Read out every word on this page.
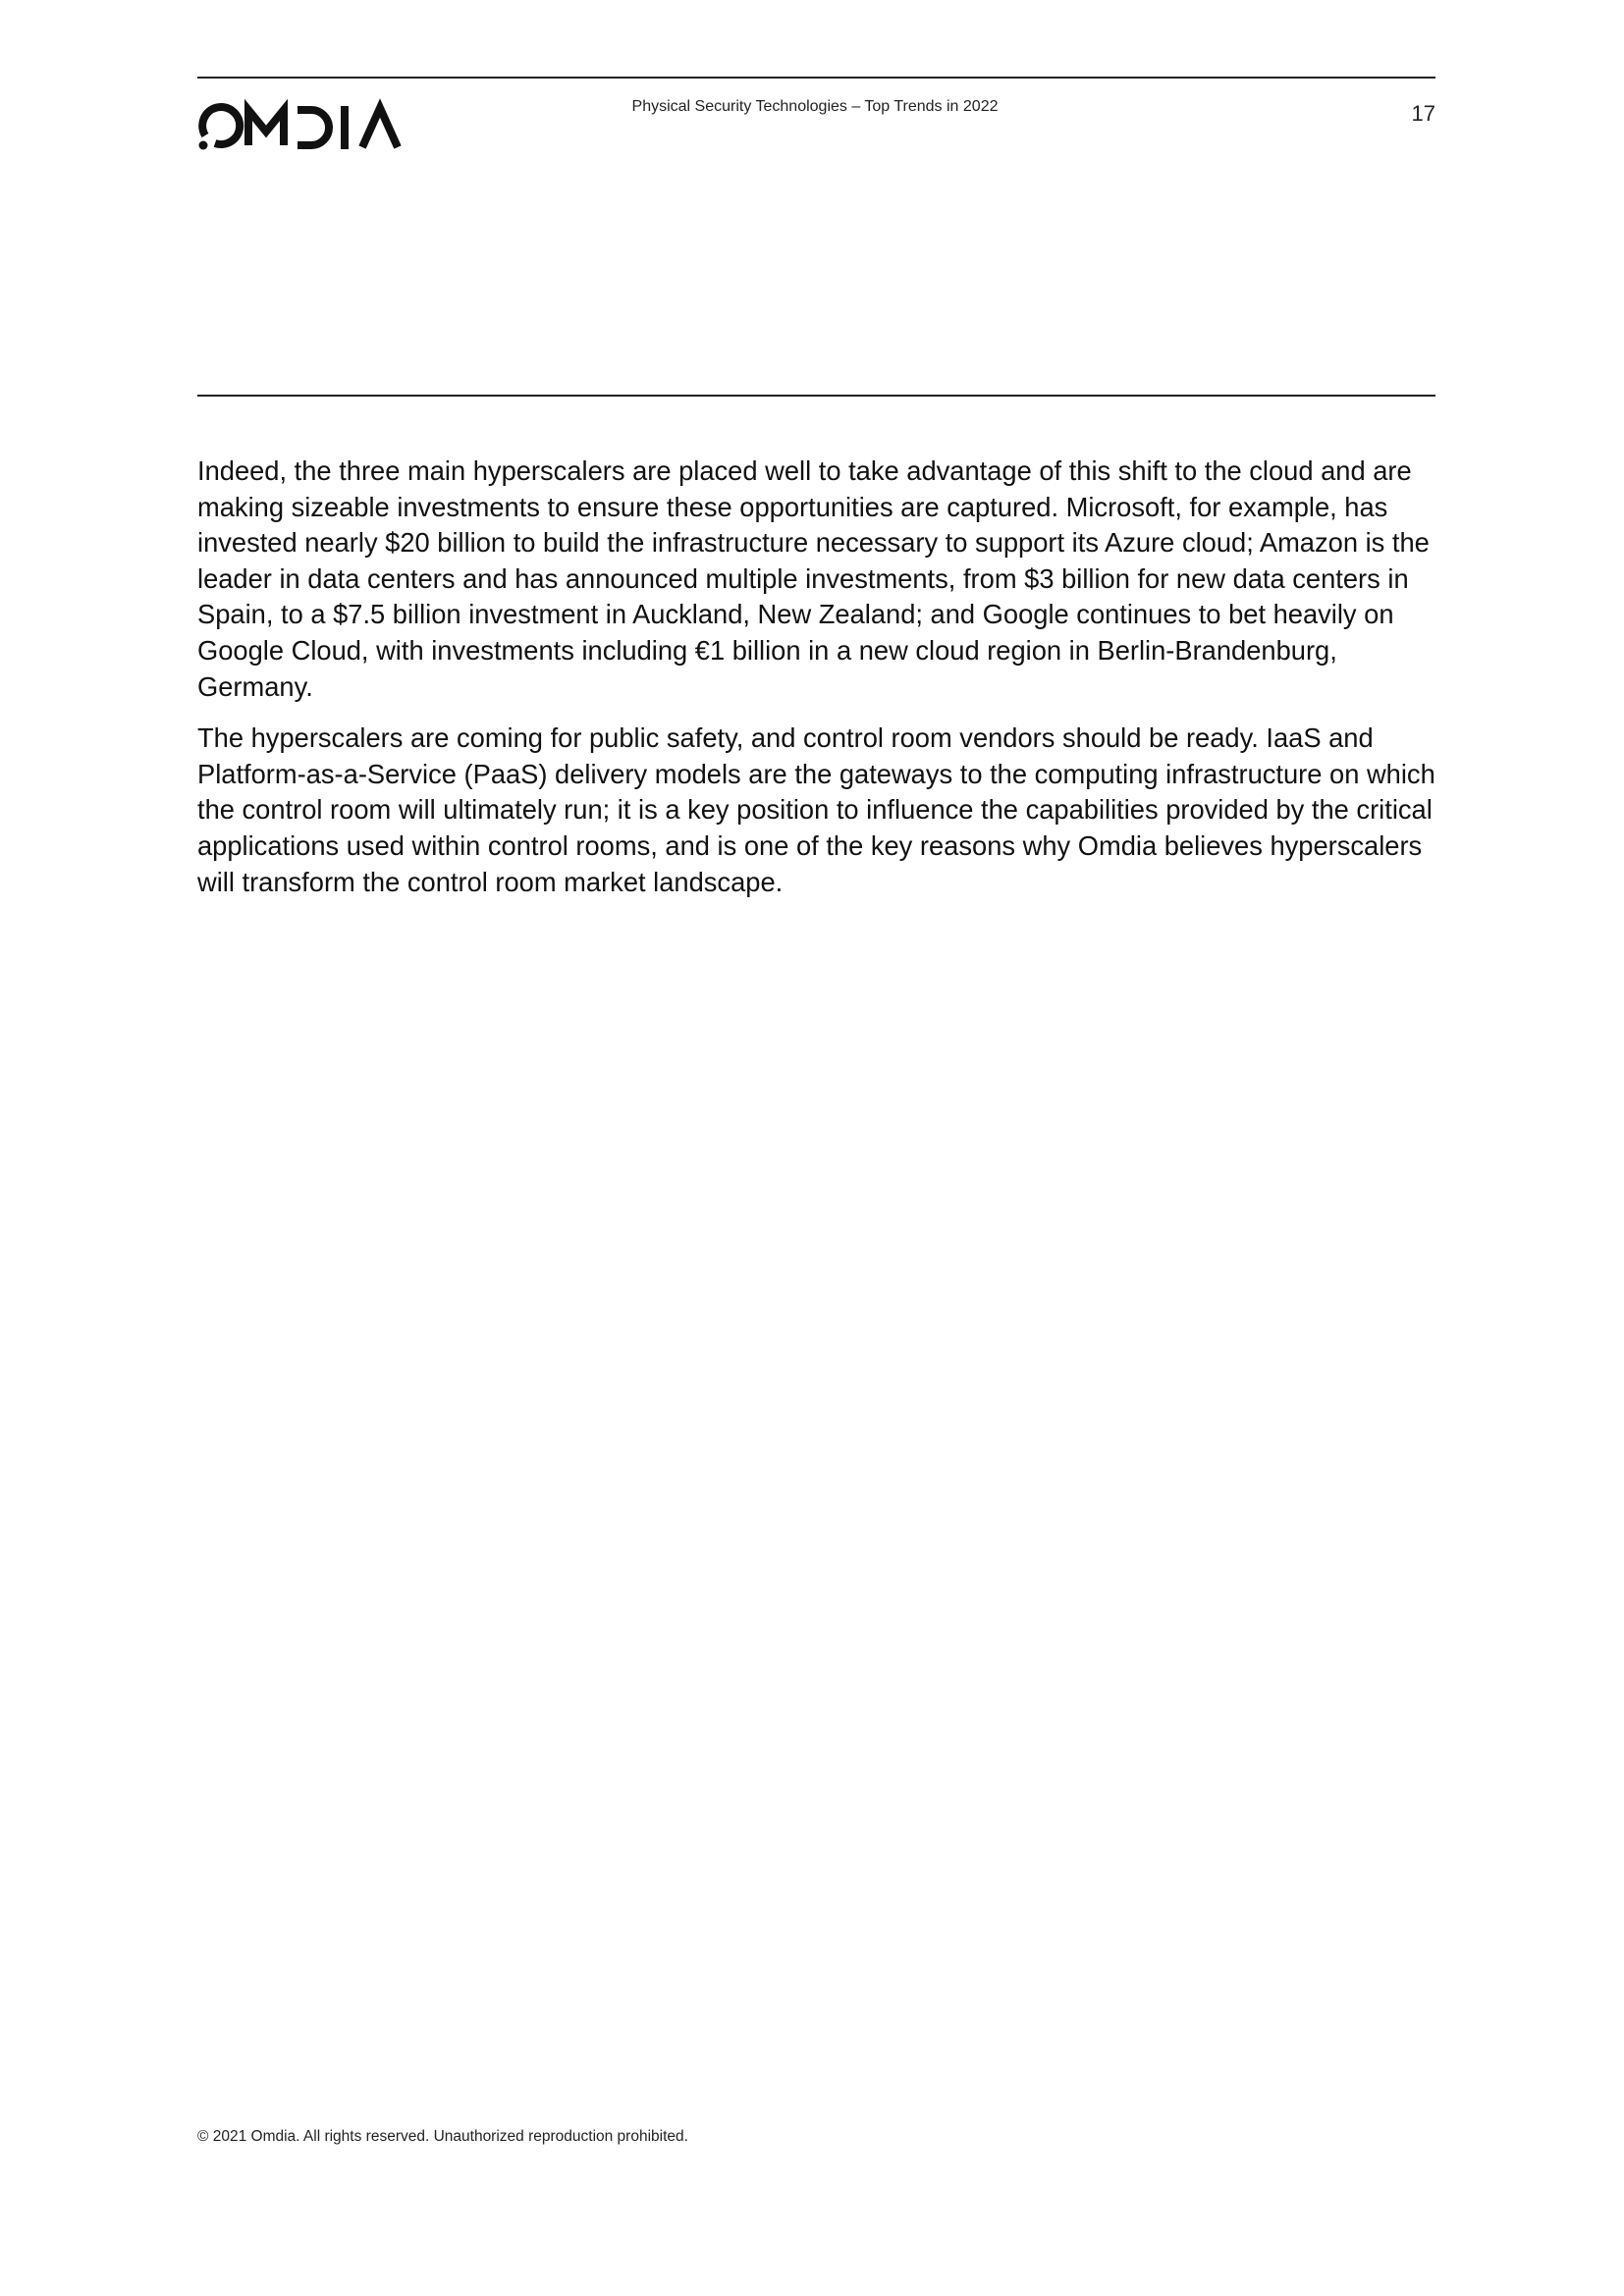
Physical Security Technologies – Top Trends in 2022	17

Indeed, the three main hyperscalers are placed well to take advantage of this shift to the cloud and are making sizeable investments to ensure these opportunities are captured. Microsoft, for example, has invested nearly $20 billion to build the infrastructure necessary to support its Azure cloud; Amazon is the leader in data centers and has announced multiple investments, from $3 billion for new data centers in Spain, to a $7.5 billion investment in Auckland, New Zealand; and Google continues to bet heavily on Google Cloud, with investments including €1 billion in a new cloud region in Berlin-Brandenburg, Germany.

The hyperscalers are coming for public safety, and control room vendors should be ready. IaaS and Platform-as-a-Service (PaaS) delivery models are the gateways to the computing infrastructure on which the control room will ultimately run; it is a key position to influence the capabilities provided by the critical applications used within control rooms, and is one of the key reasons why Omdia believes hyperscalers will transform the control room market landscape.

© 2021 Omdia. All rights reserved. Unauthorized reproduction prohibited.
